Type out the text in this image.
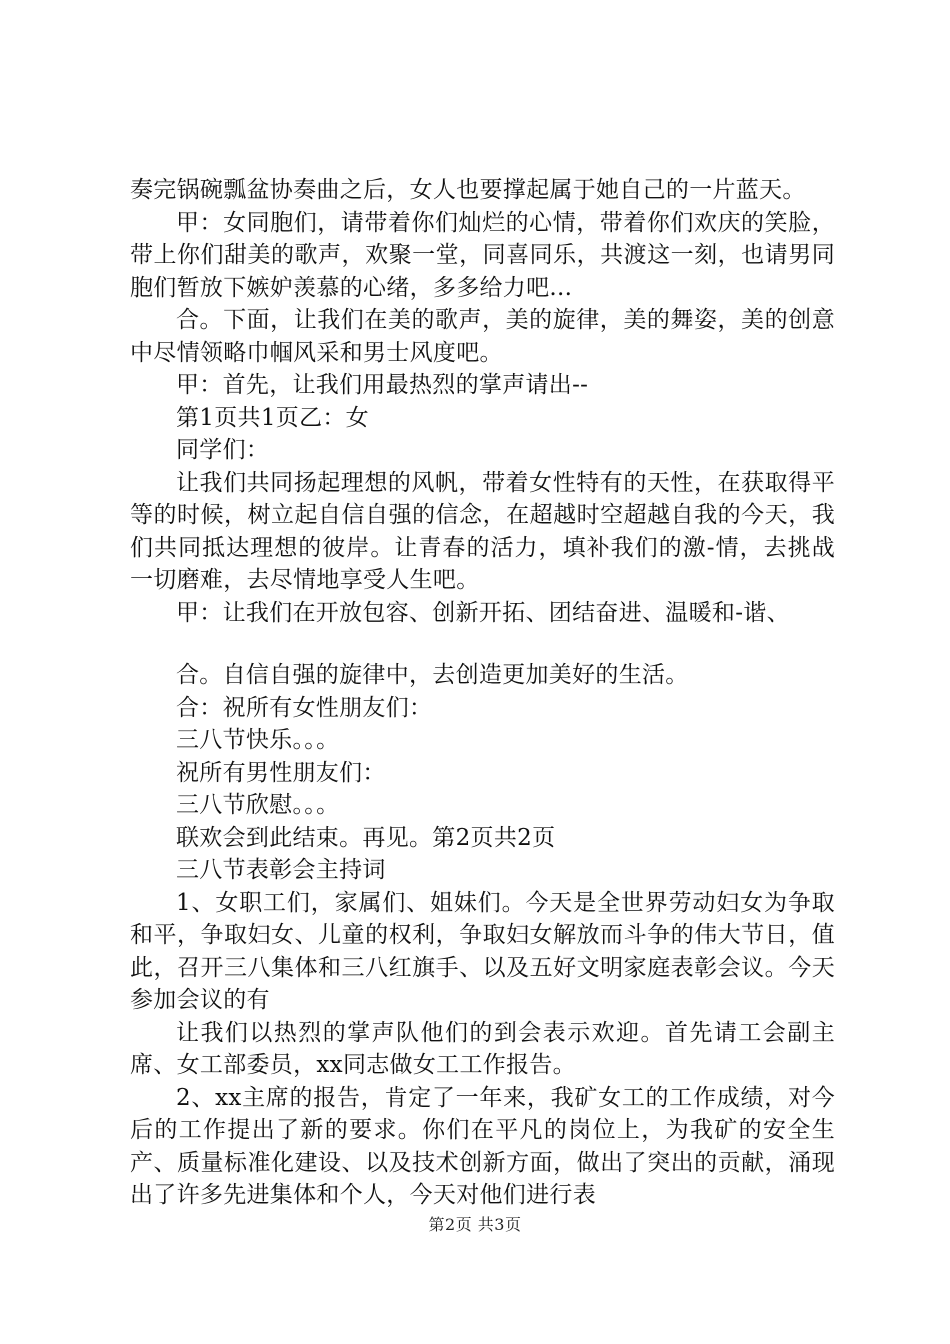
奏完锅碗瓢盆协奏曲之后，女人也要撑起属于她自己的一片蓝天。

甲：女同胞们，请带着你们灿烂的心情，带着你们欢庆的笑脸，带上你们甜美的歌声，欢聚一堂，同喜同乐，共渡这一刻，也请男同胞们暂放下嫉妒羡慕的心绪，多多给力吧...

合。下面，让我们在美的歌声，美的旋律，美的舞姿，美的创意中尽情领略巾帼风采和男士风度吧。

甲：首先，让我们用最热烈的掌声请出--

第1页共1页乙：女

同学们：

让我们共同扬起理想的风帆，带着女性特有的天性，在获取得平等的时候，树立起自信自强的信念，在超越时空超越自我的今天，我们共同抵达理想的彼岸。让青春的活力，填补我们的激-情，去挑战一切磨难，去尽情地享受人生吧。

甲：让我们在开放包容、创新开拓、团结奋进、温暖和-谐、

合。自信自强的旋律中，去创造更加美好的生活。

合：祝所有女性朋友们：

三八节快乐。。。

祝所有男性朋友们：

三八节欣慰。。。

联欢会到此结束。再见。第2页共2页

三八节表彰会主持词

1、女职工们，家属们、姐妹们。今天是全世界劳动妇女为争取和平，争取妇女、儿童的权利，争取妇女解放而斗争的伟大节日，值此，召开三八集体和三八红旗手、以及五好文明家庭表彰会议。今天参加会议的有

让我们以热烈的掌声队他们的到会表示欢迎。首先请工会副主席、女工部委员，xx同志做女工工作报告。

2、xx主席的报告，肯定了一年来，我矿女工的工作成绩，对今后的工作提出了新的要求。你们在平凡的岗位上，为我矿的安全生产、质量标准化建设、以及技术创新方面，做出了突出的贡献，涌现出了许多先进集体和个人，今天对他们进行表

第2页 共3页
